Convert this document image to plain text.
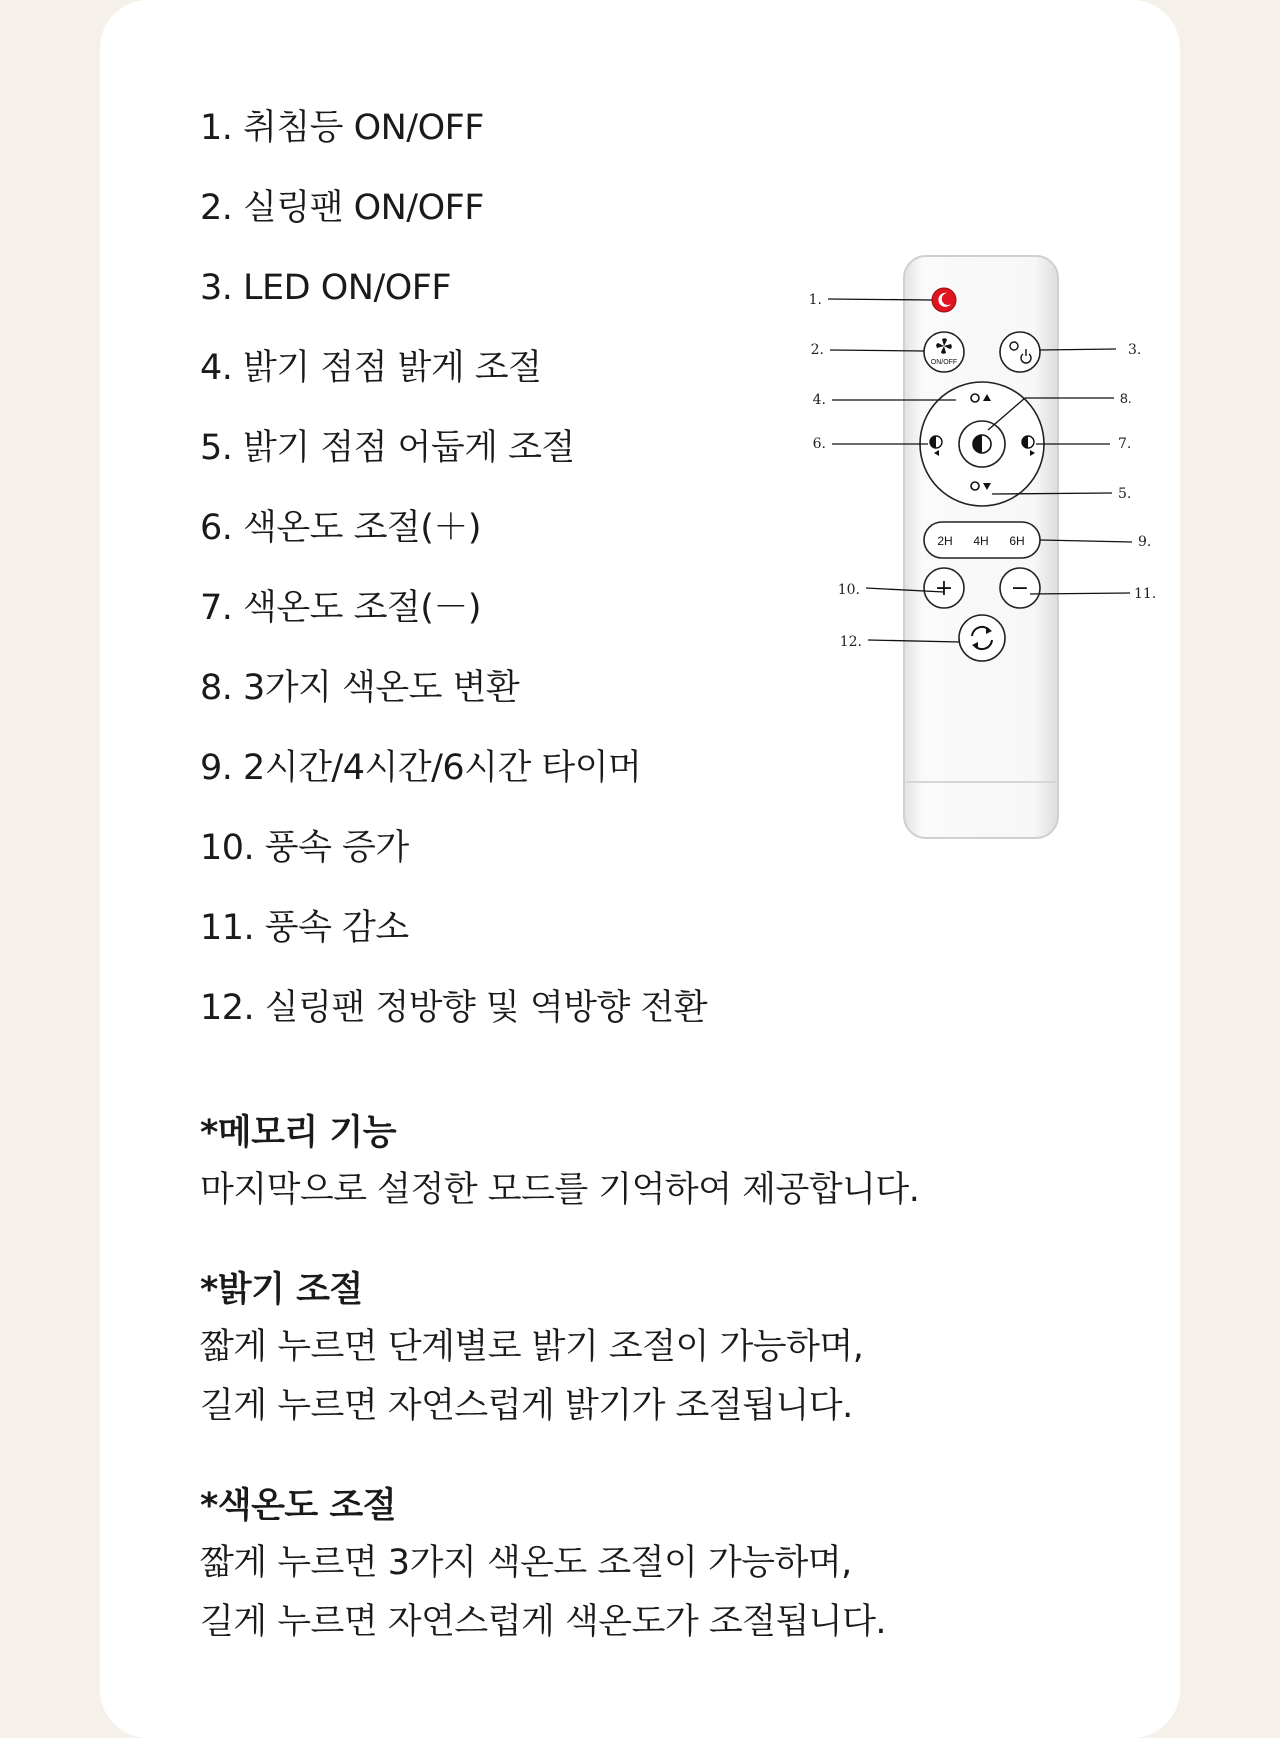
1. 취침등 ON/OFF
2. 실링팬 ON/OFF
3. LED ON/OFF
4. 밝기 점점 밝게 조절
5. 밝기 점점 어둡게 조절
6. 색온도 조절(＋)
7. 색온도 조절(－)
8. 3가지 색온도 변환
9. 2시간/4시간/6시간 타이머
10. 풍속 증가
11. 풍속 감소
12. 실링팬 정방향 및 역방향 전환
ON/OFF
2H 4H 6H
+	−
1.
2.	3.
4.
5.
6.	7.
8.
9.
10.	11.
12.
*메모리 기능
마지막으로 설정한 모드를 기억하여 제공합니다.
*밝기 조절
짧게 누르면 단계별로 밝기 조절이 가능하며,
길게 누르면 자연스럽게 밝기가 조절됩니다.
*색온도 조절
짧게 누르면 3가지 색온도 조절이 가능하며,
길게 누르면 자연스럽게 색온도가 조절됩니다.
